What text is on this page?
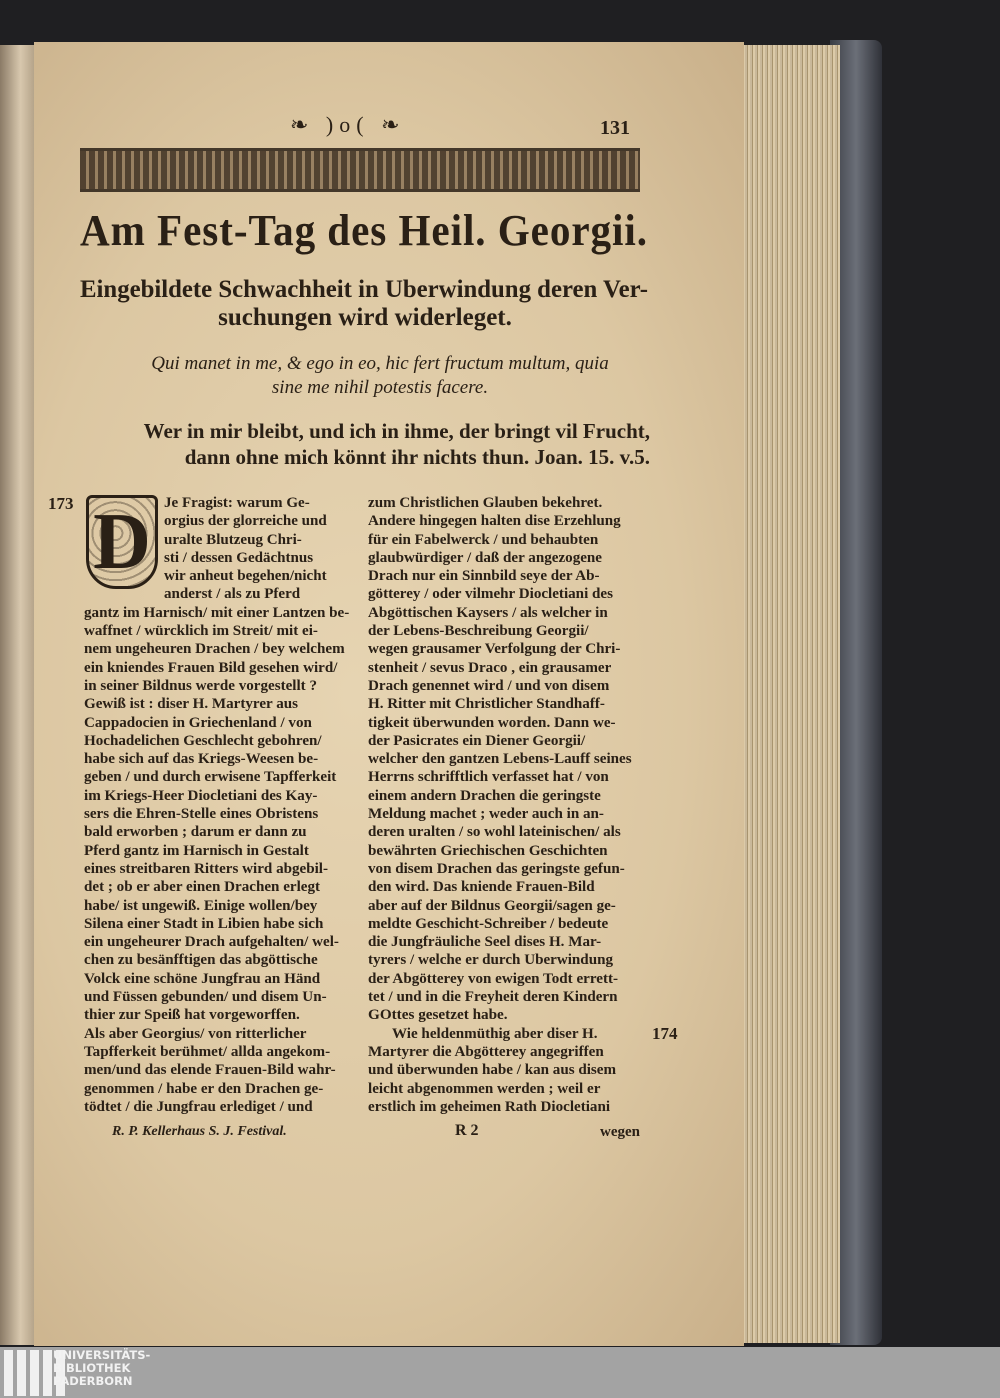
❧ )o( ❧	131
Am Fest-Tag des Heil. Georgii.
Eingebildete Schwachheit in Uberwindung deren Ver-
suchungen wird widerleget.
Qui manet in me, & ego in eo, hic fert fructum multum, quia
sine me nihil potestis facere.
Wer in mir bleibt, und ich in ihme, der bringt vil Frucht,
dann ohne mich könnt ihr nichts thun. Joan. 15. v.5.
173
174
D Je Fragist: warum Ge-
orgius der glorreiche und
uralte Blutzeug Chri-
sti / dessen Gedächtnus
wir anheut begehen/nicht
anderst / als zu Pferd
gantz im Harnisch/ mit einer Lantzen be-
waffnet / würcklich im Streit/ mit ei-
nem ungeheuren Drachen / bey welchem
ein kniendes Frauen Bild gesehen wird/
in seiner Bildnus werde vorgestellt ?
Gewiß ist : diser H. Martyrer aus
Cappadocien in Griechenland / von
Hochadelichen Geschlecht gebohren/
habe sich auf das Kriegs-Weesen be-
geben / und durch erwisene Tapfferkeit
im Kriegs-Heer Diocletiani des Kay-
sers die Ehren-Stelle eines Obristens
bald erworben ; darum er dann zu
Pferd gantz im Harnisch in Gestalt
eines streitbaren Ritters wird abgebil-
det ; ob er aber einen Drachen erlegt
habe/ ist ungewiß. Einige wollen/bey
Silena einer Stadt in Libien habe sich
ein ungeheurer Drach aufgehalten/ wel-
chen zu besänfftigen das abgöttische
Volck eine schöne Jungfrau an Händ
und Füssen gebunden/ und disem Un-
thier zur Speiß hat vorgeworffen.
Als aber Georgius/ von ritterlicher
Tapfferkeit berühmet/ allda angekom-
men/und das elende Frauen-Bild wahr-
genommen / habe er den Drachen ge-
tödtet / die Jungfrau erlediget / und
zum Christlichen Glauben bekehret.
Andere hingegen halten dise Erzehlung
für ein Fabelwerck / und behaubten
glaubwürdiger / daß der angezogene
Drach nur ein Sinnbild seye der Ab-
götterey / oder vilmehr Diocletiani des
Abgöttischen Kaysers / als welcher in
der Lebens-Beschreibung Georgii/
wegen grausamer Verfolgung der Chri-
stenheit / sevus Draco , ein grausamer
Drach genennet wird / und von disem
H. Ritter mit Christlicher Standhaff-
tigkeit überwunden worden. Dann we-
der Pasicrates ein Diener Georgii/
welcher den gantzen Lebens-Lauff seines
Herrns schrifftlich verfasset hat / von
einem andern Drachen die geringste
Meldung machet ; weder auch in an-
deren uralten / so wohl lateinischen/ als
bewährten Griechischen Geschichten
von disem Drachen das geringste gefun-
den wird. Das kniende Frauen-Bild
aber auf der Bildnus Georgii/sagen ge-
meldte Geschicht-Schreiber / bedeute
die Jungfräuliche Seel dises H. Mar-
tyrers / welche er durch Uberwindung
der Abgötterey von ewigen Todt errett-
tet / und in die Freyheit deren Kindern
GOttes gesetzet habe.
Wie heldenmüthig aber diser H.
Martyrer die Abgötterey angegriffen
und überwunden habe / kan aus disem
leicht abgenommen werden ; weil er
erstlich im geheimen Rath Diocletiani
R. P. Kellerhaus S. J. Festival.	R 2	wegen
UNIVERSITÄTS-
BIBLIOTHEK
PADERBORN
